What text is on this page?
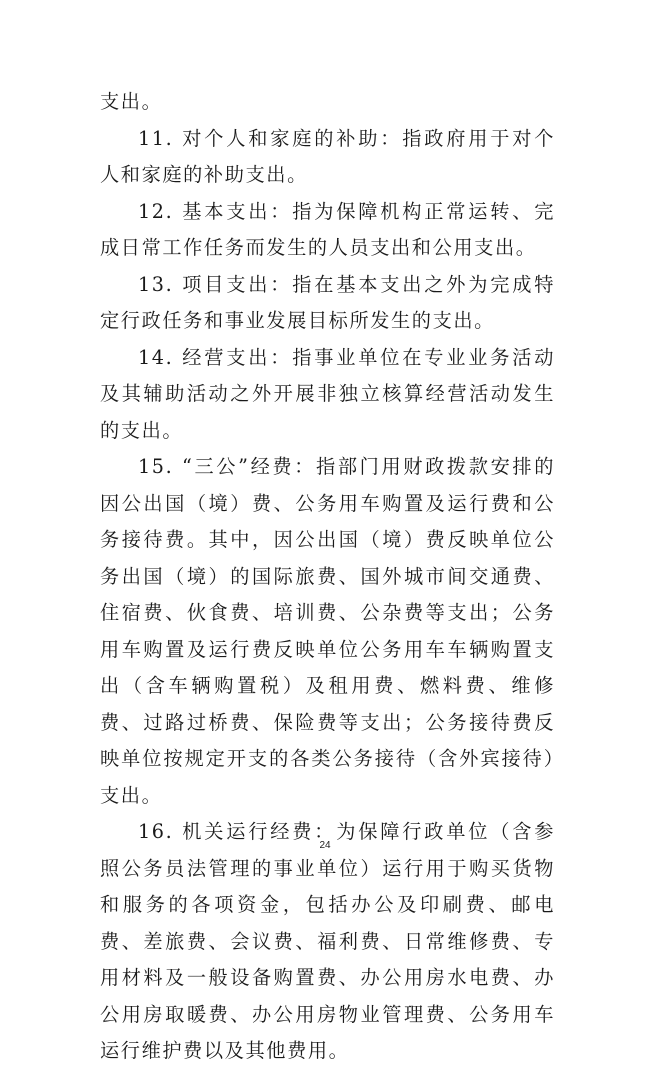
支出。

11. 对个人和家庭的补助：指政府用于对个人和家庭的补助支出。

12. 基本支出：指为保障机构正常运转、完成日常工作任务而发生的人员支出和公用支出。

13. 项目支出：指在基本支出之外为完成特定行政任务和事业发展目标所发生的支出。

14. 经营支出：指事业单位在专业业务活动及其辅助活动之外开展非独立核算经营活动发生的支出。

15. “三公”经费：指部门用财政拨款安排的因公出国（境）费、公务用车购置及运行费和公务接待费。其中，因公出国（境）费反映单位公务出国（境）的国际旅费、国外城市间交通费、住宿费、伙食费、培训费、公杂费等支出；公务用车购置及运行费反映单位公务用车车辆购置支出（含车辆购置税）及租用费、燃料费、维修费、过路过桥费、保险费等支出；公务接待费反映单位按规定开支的各类公务接待（含外宾接待）支出。

16. 机关运行经费：为保障行政单位（含参照公务员法管理的事业单位）运行用于购买货物和服务的各项资金，包括办公及印刷费、邮电费、差旅费、会议费、福利费、日常维修费、专用材料及一般设备购置费、办公用房水电费、办公用房取暖费、办公用房物业管理费、公务用车运行维护费以及其他费用。

24
